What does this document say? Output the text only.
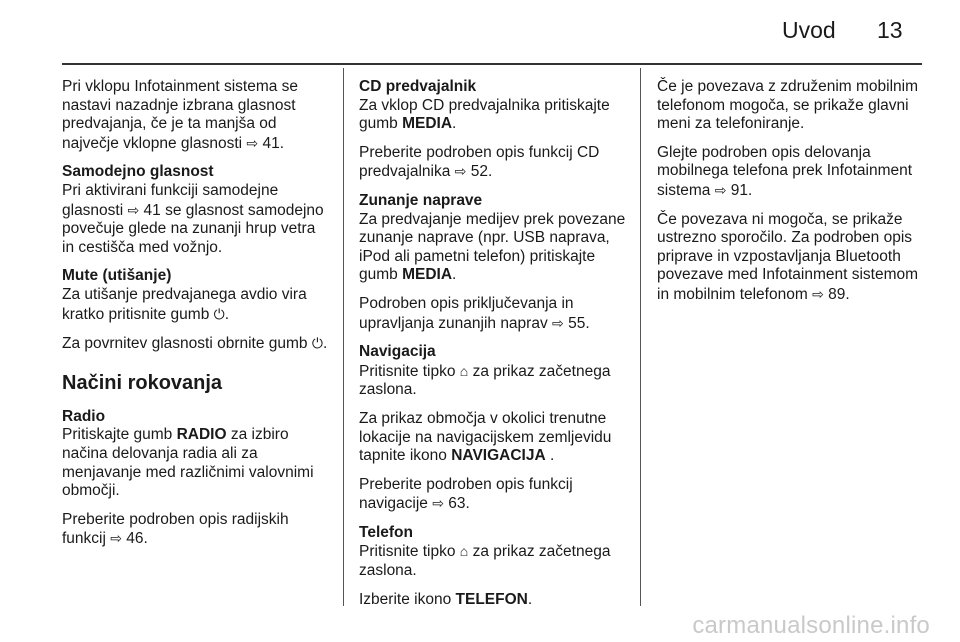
Uvod 13

Pri vklopu Infotainment sistema se nastavi nazadnje izbrana glasnost predvajanja, če je ta manjša od največje vklopne glasnosti ⇨ 41.

Samodejno glasnost

Pri aktivirani funkciji samodejne glasnosti ⇨ 41 se glasnost samodejno povečuje glede na zunanji hrup vetra in cestišča med vožnjo.

Mute (utišanje)

Za utišanje predvajanega avdio vira kratko pritisnite gumb ⏻.

Za povrnitev glasnosti obrnite gumb ⏻.

Načini rokovanja
Radio

Pritiskajte gumb RADIO za izbiro načina delovanja radia ali za menjavanje med različnimi valovnimi območji.

Preberite podroben opis radijskih funkcij ⇨ 46.

CD predvajalnik

Za vklop CD predvajalnika pritiskajte gumb MEDIA.

Preberite podroben opis funkcij CD predvajalnika ⇨ 52.

Zunanje naprave

Za predvajanje medijev prek povezane zunanje naprave (npr. USB naprava, iPod ali pametni telefon) pritiskajte gumb MEDIA.

Podroben opis priključevanja in upravljanja zunanjih naprav ⇨ 55.

Navigacija

Pritisnite tipko ⌂ za prikaz začetnega zaslona.

Za prikaz območja v okolici trenutne lokacije na navigacijskem zemljevidu tapnite ikono NAVIGACIJA .

Preberite podroben opis funkcij navigacije ⇨ 63.

Telefon

Pritisnite tipko ⌂ za prikaz začetnega zaslona.

Izberite ikono TELEFON.

Če je povezava z združenim mobilnim telefonom mogoča, se prikaže glavni meni za telefoniranje.

Glejte podroben opis delovanja mobilnega telefona prek Infotainment sistema ⇨ 91.

Če povezava ni mogoča, se prikaže ustrezno sporočilo. Za podroben opis priprave in vzpostavljanja Bluetooth povezave med Infotainment sistemom in mobilnim telefonom ⇨ 89.

carmanualsonline.info
